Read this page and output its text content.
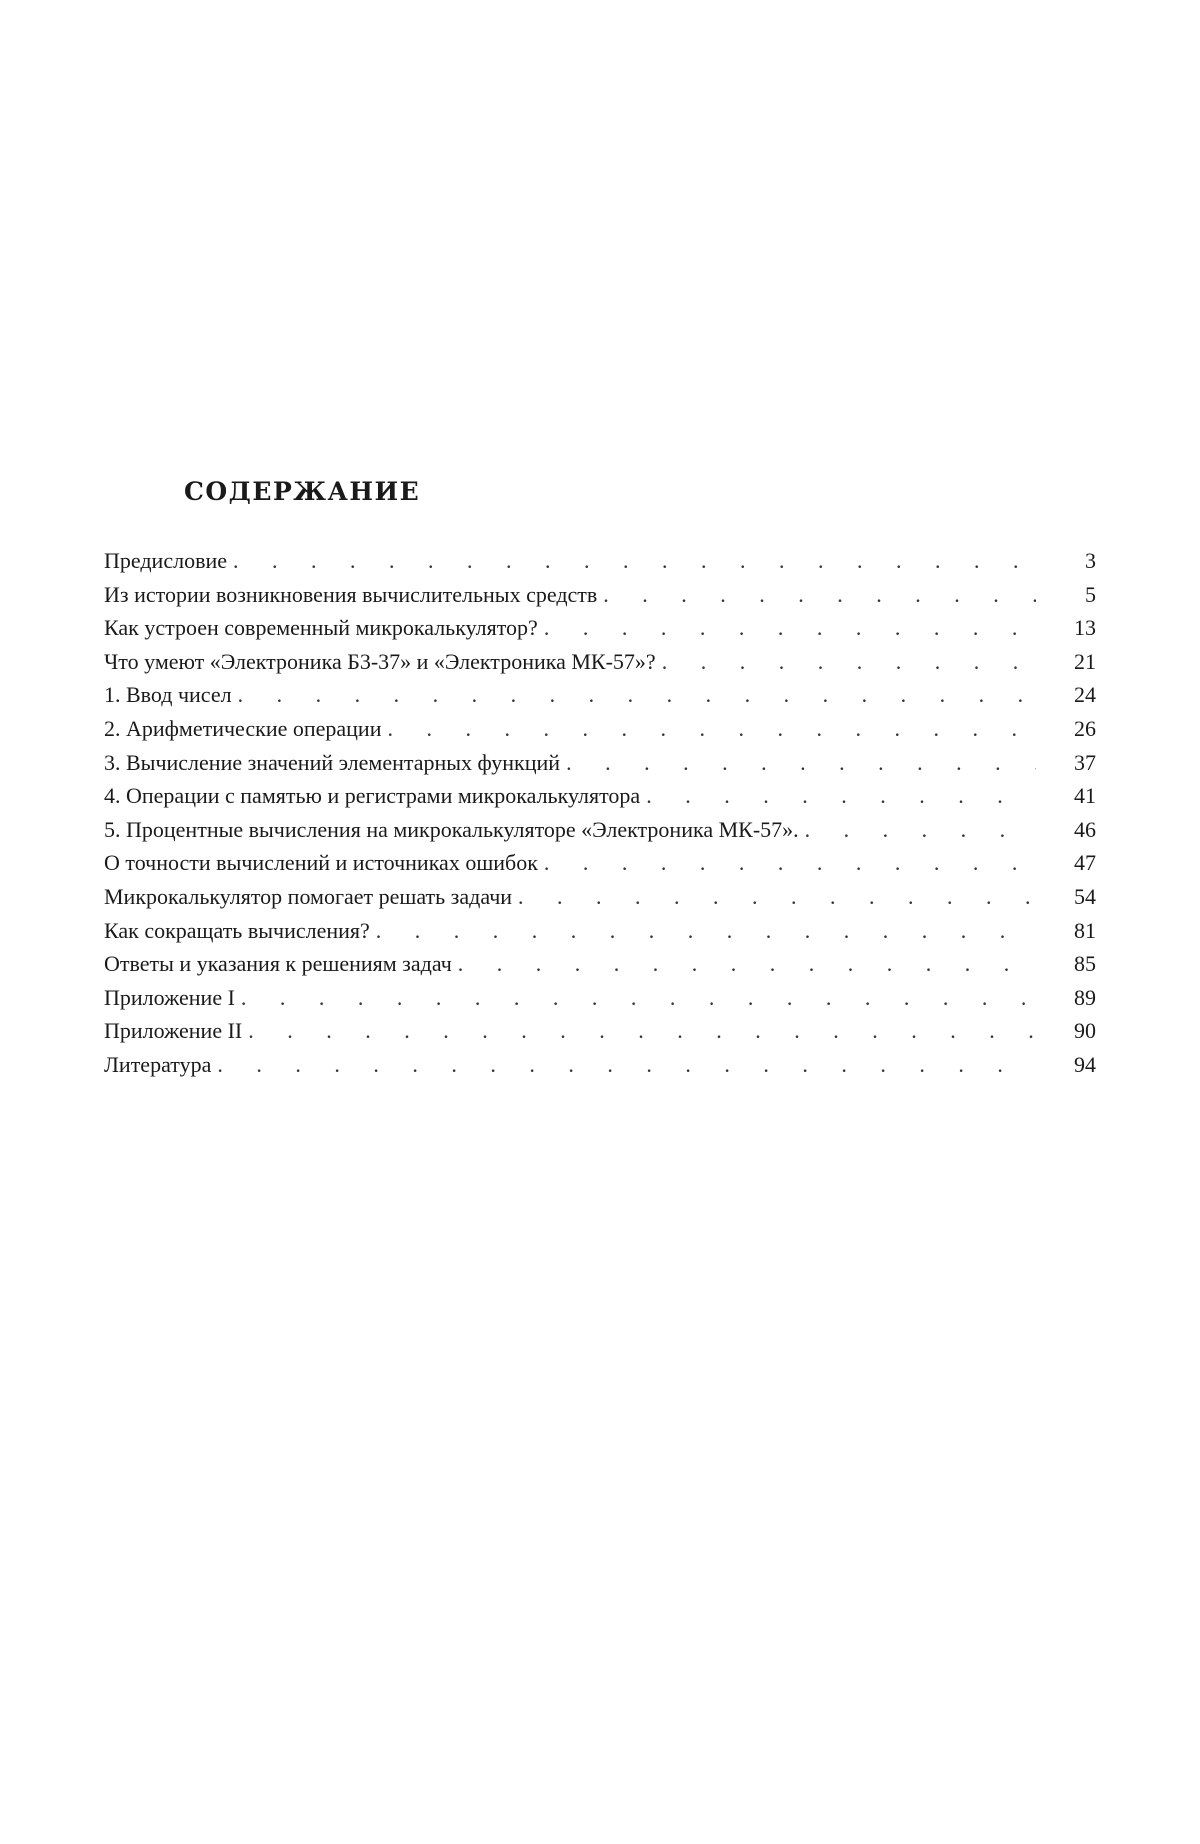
СОДЕРЖАНИЕ
Предисловие . . .	3
Из истории возникновения вычислительных средств . . .	5
Как устроен современный микрокалькулятор? . . .	13
Что умеют «Электроника Б3-37» и «Электроника МК-57»? . . .	21
1. Ввод чисел . . .	24
2. Арифметические операции . . .	26
3. Вычисление значений элементарных функций . . .	37
4. Операции с памятью и регистрами микрокалькулятора . . .	41
5. Процентные вычисления на микрокалькуляторе «Электроника МК-57». . . .	46
О точности вычислений и источниках ошибок . . .	47
Микрокалькулятор помогает решать задачи . . .	54
Как сокращать вычисления? . . .	81
Ответы и указания к решениям задач . . .	85
Приложение I . . .	89
Приложение II . . .	90
Литература . . .	94
